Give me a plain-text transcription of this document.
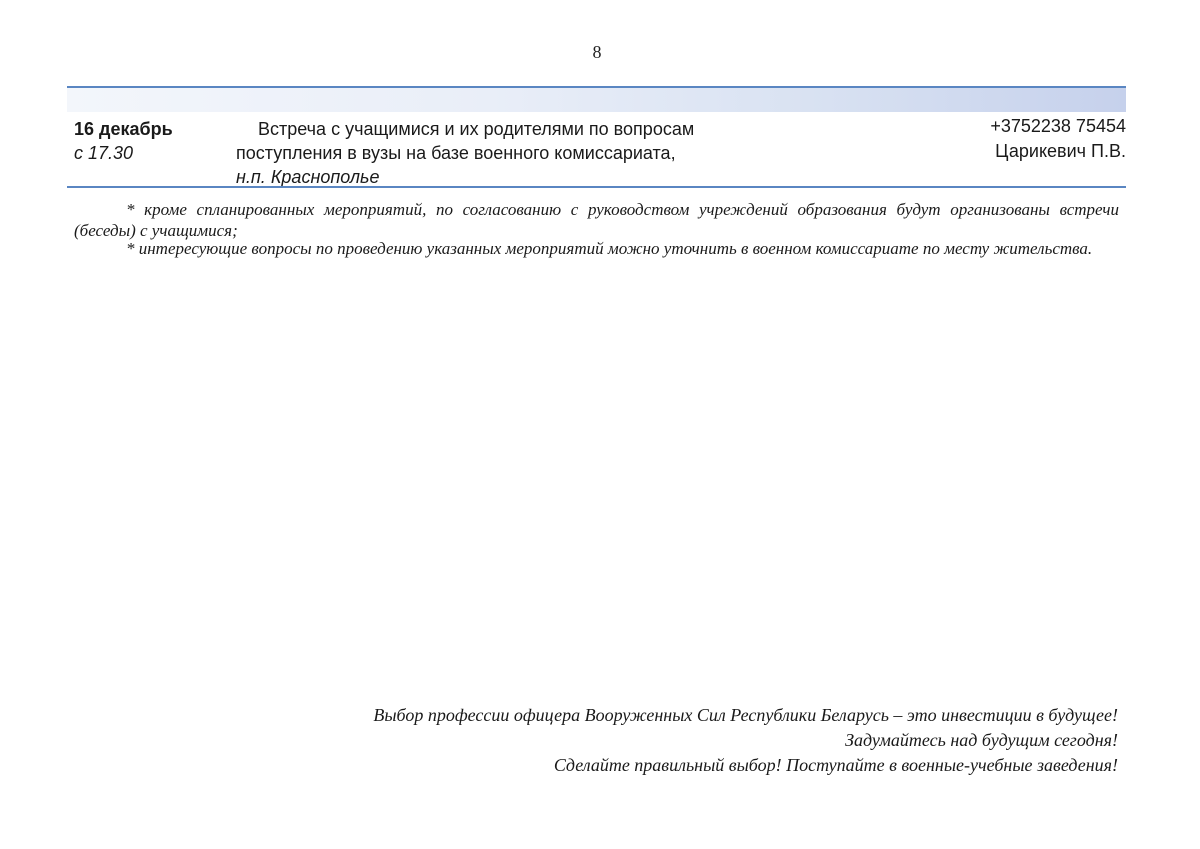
8
16 декабрь
с 17.30
Встреча с учащимися и их родителями по вопросам
поступления в вузы на базе военного комиссариата,
н.п. Краснополье
+3752238 75454
Царикевич П.В.
* кроме спланированных мероприятий, по согласованию с руководством учреждений образования будут организованы встречи (беседы) с учащимися;
* интересующие вопросы по проведению указанных мероприятий можно уточнить в военном комиссариате по месту жительства.
Выбор профессии офицера Вооруженных Сил Республики Беларусь – это инвестиции в будущее!
Задумайтесь над будущим сегодня!
Сделайте правильный выбор! Поступайте в военные-учебные заведения!
